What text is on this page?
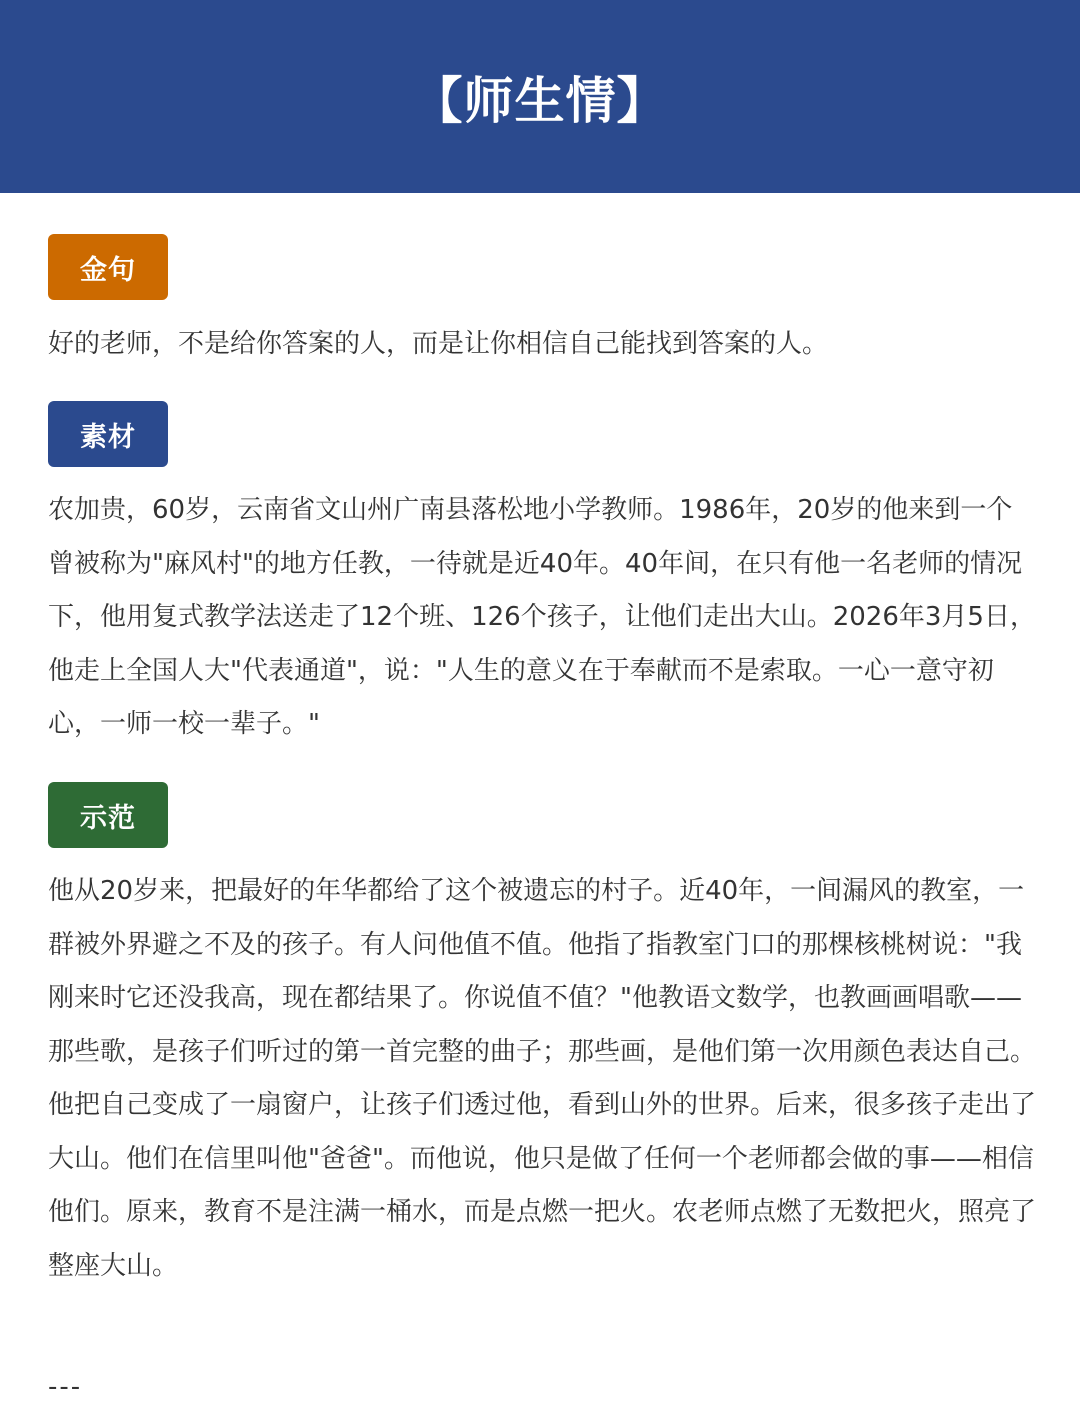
【师生情】
金句
好的老师，不是给你答案的人，而是让你相信自己能找到答案的人。
素材
农加贵，60岁，云南省文山州广南县落松地小学教师。1986年，20岁的他来到一个曾被称为"麻风村"的地方任教，一待就是近40年。40年间，在只有他一名老师的情况下，他用复式教学法送走了12个班、126个孩子，让他们走出大山。2026年3月5日，他走上全国人大"代表通道"，说："人生的意义在于奉献而不是索取。一心一意守初心，一师一校一辈子。"
示范
他从20岁来，把最好的年华都给了这个被遗忘的村子。近40年，一间漏风的教室，一群被外界避之不及的孩子。有人问他值不值。他指了指教室门口的那棵核桃树说："我刚来时它还没我高，现在都结果了。你说值不值？"他教语文数学，也教画画唱歌——那些歌，是孩子们听过的第一首完整的曲子；那些画，是他们第一次用颜色表达自己。他把自己变成了一扇窗户，让孩子们透过他，看到山外的世界。后来，很多孩子走出了大山。他们在信里叫他"爸爸"。而他说，他只是做了任何一个老师都会做的事——相信他们。原来，教育不是注满一桶水，而是点燃一把火。农老师点燃了无数把火，照亮了整座大山。
---
